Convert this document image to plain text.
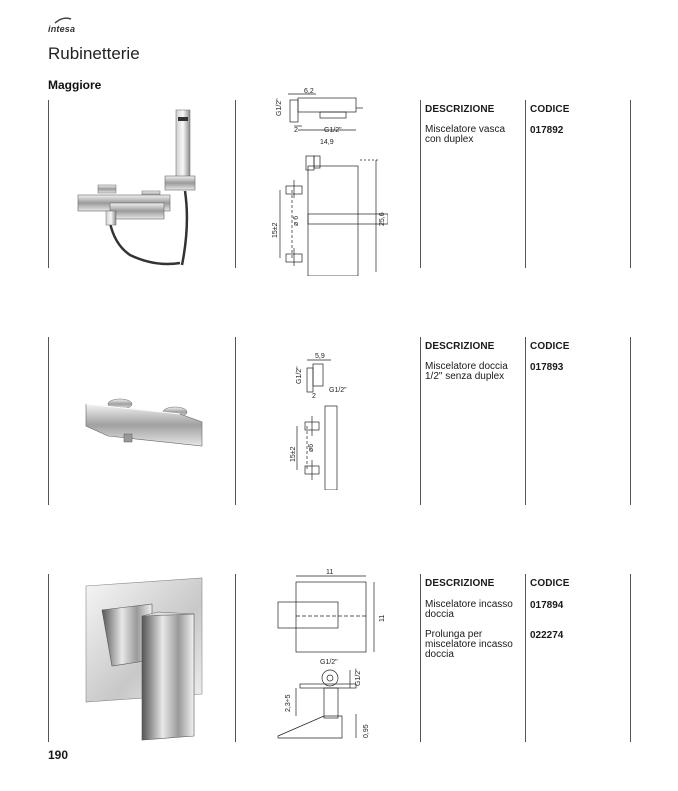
intesa
Rubinetterie
Maggiore	6,2
G1/2"
2	G1/2"
14,9
15±2
ø 6	25,6
DESCRIZIONE	CODICE
Miscelatore vasca con duplex
017892
5,9
G1/2"
2
G1/2"
15±2 ø6
DESCRIZIONE	CODICE
Miscelatore doccia 1/2" senza duplex
017893
11
11
G1/2"
G1/2"
2,3÷5
0,95
DESCRIZIONE	CODICE
Miscelatore incasso doccia
017894
Prolunga per miscelatore incasso doccia
022274
190
